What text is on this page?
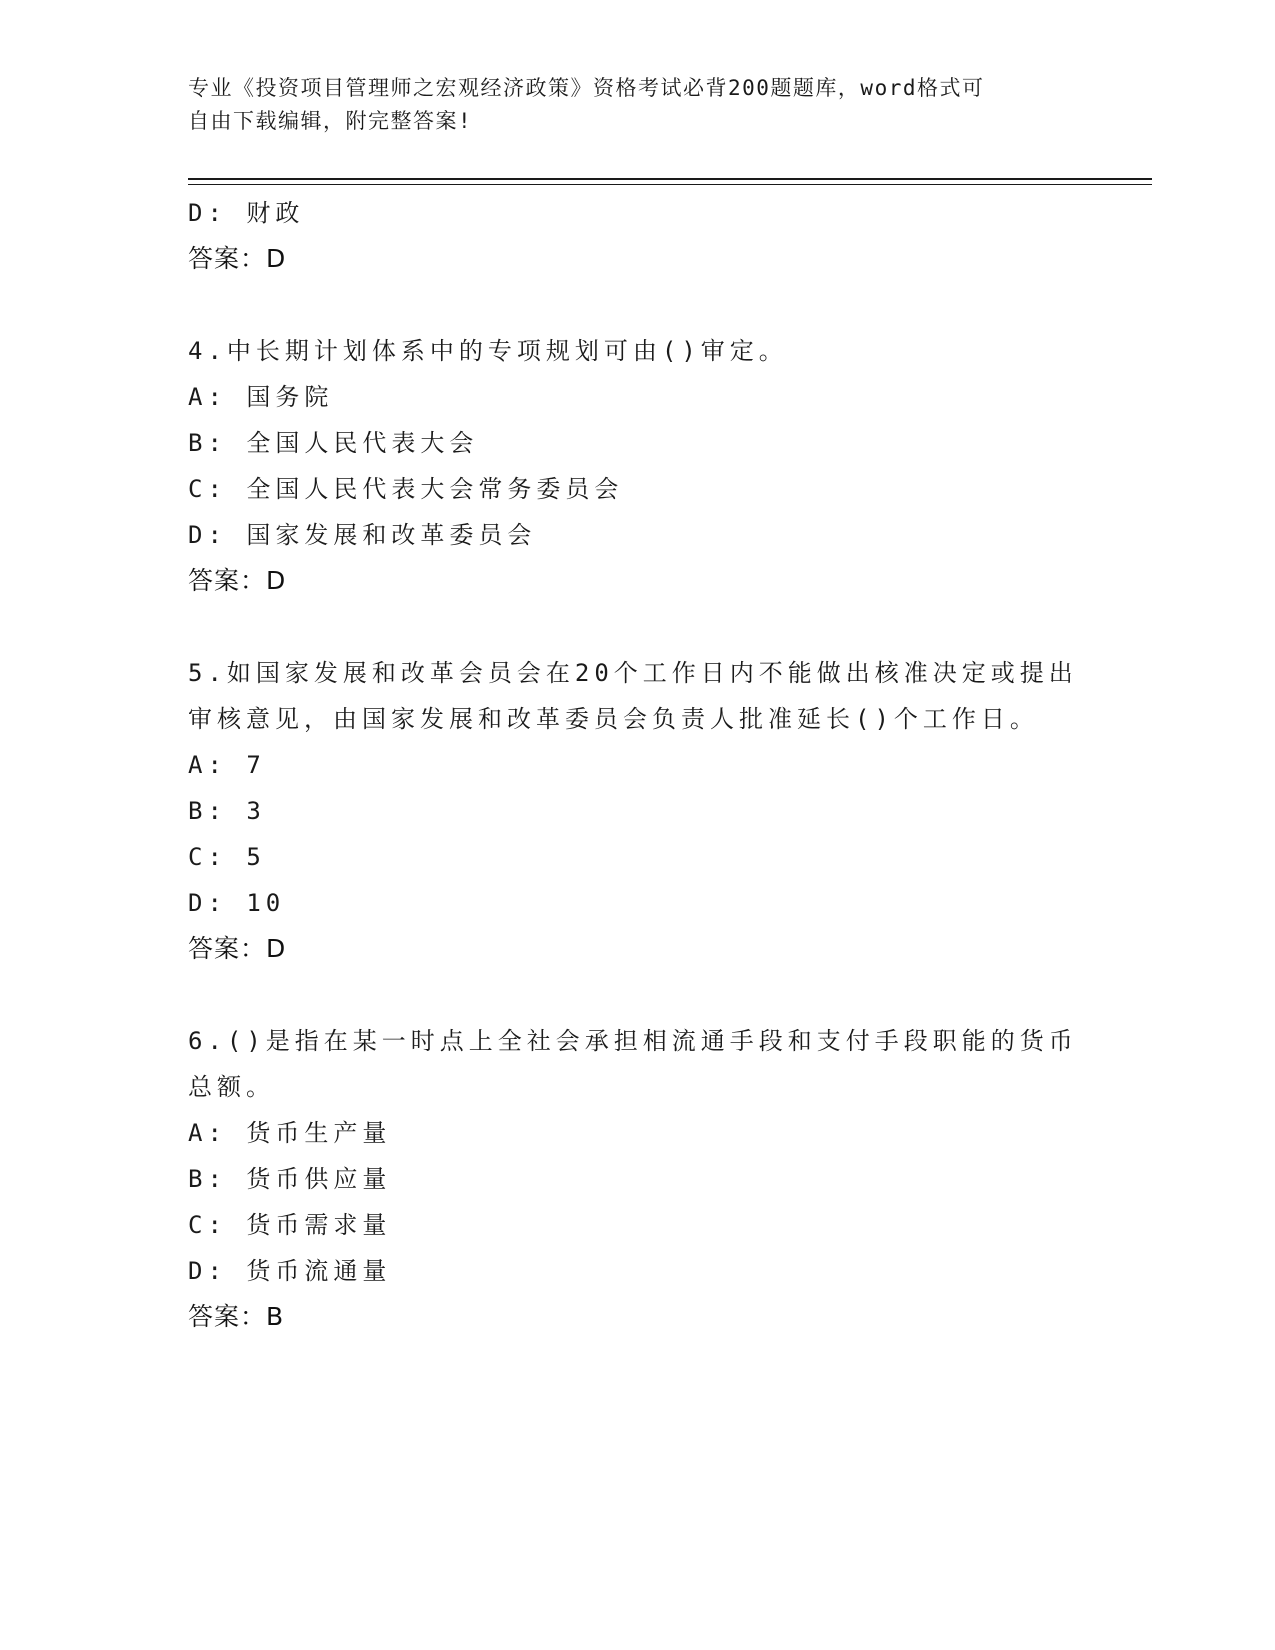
专业《投资项目管理师之宏观经济政策》资格考试必背200题题库，word格式可
自由下载编辑，附完整答案!
D: 财政
答案：D
4.中长期计划体系中的专项规划可由()审定。
A: 国务院
B: 全国人民代表大会
C: 全国人民代表大会常务委员会
D: 国家发展和改革委员会
答案：D
5.如国家发展和改革会员会在20个工作日内不能做出核准决定或提出
审核意见，由国家发展和改革委员会负责人批准延长()个工作日。
A: 7
B: 3
C: 5
D: 10
答案：D
6.()是指在某一时点上全社会承担相流通手段和支付手段职能的货币
总额。
A: 货币生产量
B: 货币供应量
C: 货币需求量
D: 货币流通量
答案：B
